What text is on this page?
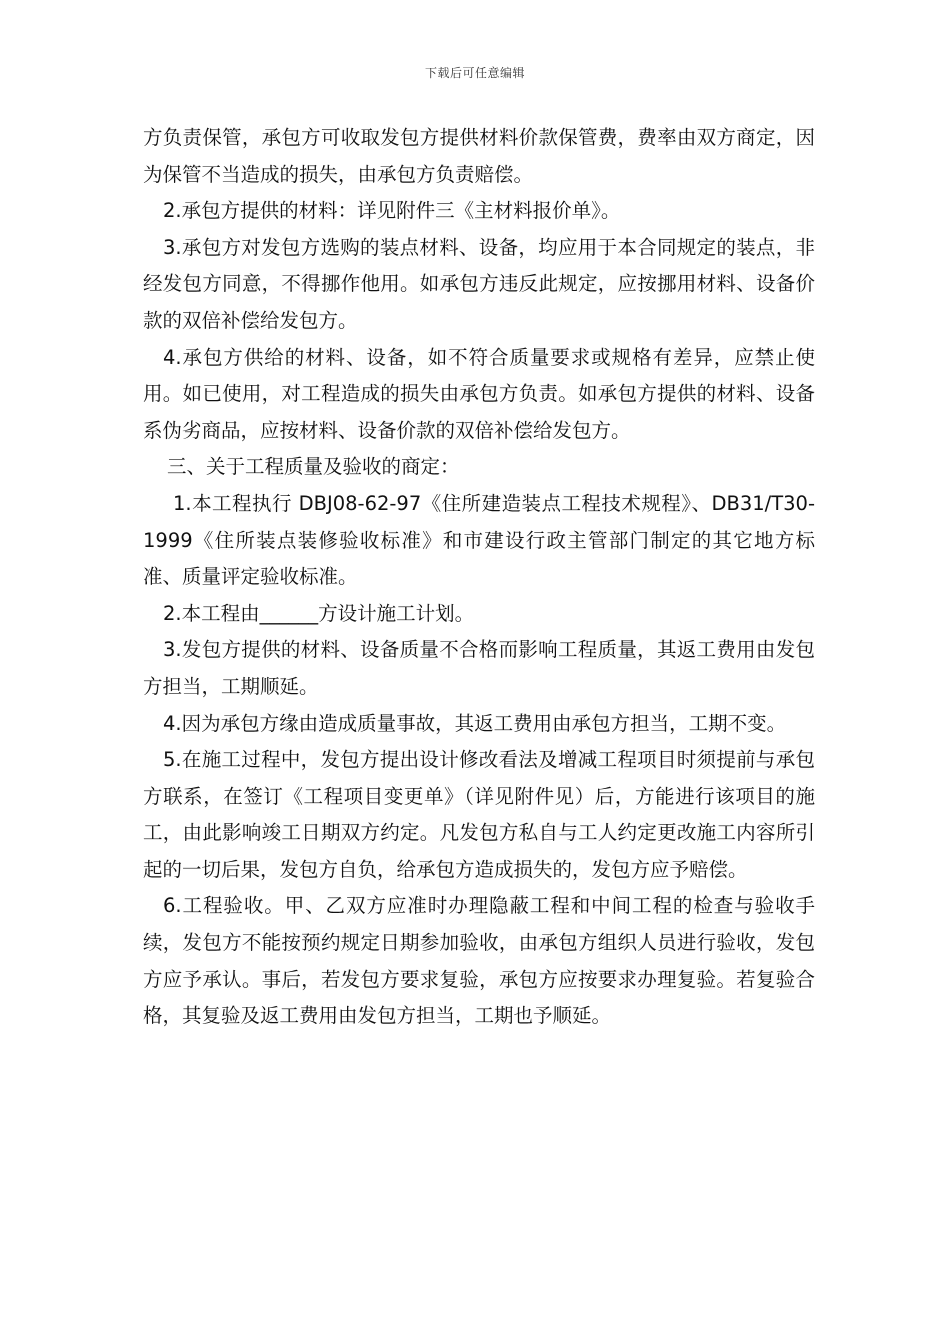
下载后可任意编辑

方负责保管，承包方可收取发包方提供材料价款保管费，费率由双方商定，因为保管不当造成的损失，由承包方负责赔偿。

2.承包方提供的材料：详见附件三《主材料报价单》。

3.承包方对发包方选购的装点材料、设备，均应用于本合同规定的装点，非经发包方同意，不得挪作他用。如承包方违反此规定，应按挪用材料、设备价款的双倍补偿给发包方。

4.承包方供给的材料、设备，如不符合质量要求或规格有差异，应禁止使用。如已使用，对工程造成的损失由承包方负责。如承包方提供的材料、设备系伪劣商品，应按材料、设备价款的双倍补偿给发包方。

三、关于工程质量及验收的商定：

1.本工程执行 DBJ08-62-97《住所建造装点工程技术规程》、DB31/T30-1999《住所装点装修验收标准》和市建设行政主管部门制定的其它地方标准、质量评定验收标准。

2.本工程由______方设计施工计划。

3.发包方提供的材料、设备质量不合格而影响工程质量，其返工费用由发包方担当，工期顺延。

4.因为承包方缘由造成质量事故，其返工费用由承包方担当，工期不变。

5.在施工过程中，发包方提出设计修改看法及增减工程项目时须提前与承包方联系，在签订《工程项目变更单》（详见附件见）后，方能进行该项目的施工，由此影响竣工日期双方约定。凡发包方私自与工人约定更改施工内容所引起的一切后果，发包方自负，给承包方造成损失的，发包方应予赔偿。

6.工程验收。甲、乙双方应准时办理隐蔽工程和中间工程的检查与验收手续，发包方不能按预约规定日期参加验收，由承包方组织人员进行验收，发包方应予承认。事后，若发包方要求复验，承包方应按要求办理复验。若复验合格，其复验及返工费用由发包方担当，工期也予顺延。
